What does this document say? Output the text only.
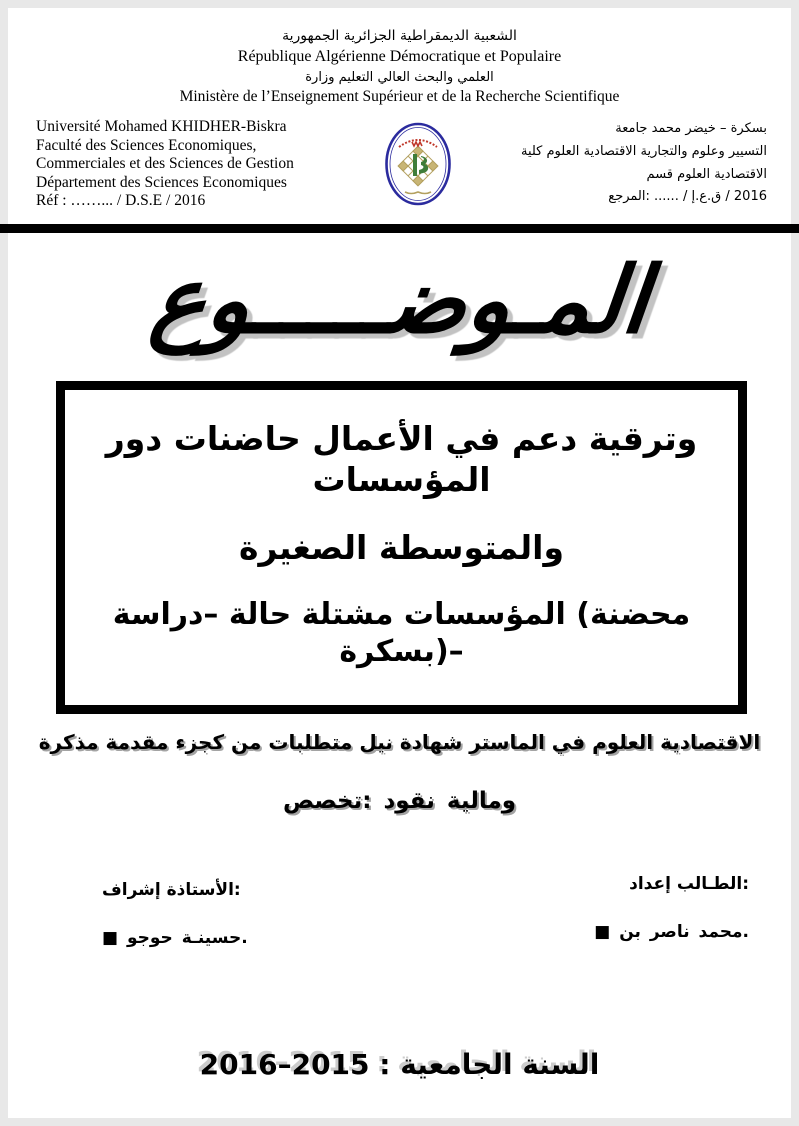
الجمهورية الجزائرية الديمقراطية الشعبية
République Algérienne Démocratique et Populaire
وزارة التعليم العالي والبحث العلمي
Ministère de l’Enseignement Supérieur et de la Recherche Scientifique
Université Mohamed KHIDHER-Biskra
Faculté des Sciences Economiques,
Commerciales et des Sciences de Gestion
Département des Sciences Economiques
Réf : ……... / D.S.E / 2016
جامعة محمد خيضر – بسكرة
كلية العلوم الاقتصادية والتجارية وعلوم التسيير
قسم العلوم الاقتصادية
المرجع: ...... / ق.ع.إ / 2016
المـوضـــــوع
دور حاضنات الأعمال في دعم وترقية المؤسسات
الصغيرة والمتوسطة
–دراسة حالة مشتلة المؤسسات (محضنة بسكرة)–
مذكرة مقدمة كجزء من متطلبات نيل شهادة الماستر في العلوم الاقتصادية
تخصص: نقود ومالية
إشراف الأستاذة:
■ حوجو حسينـة.
إعداد الطـالب:
■ بن ناصر محمد.
السنة الجامعية : 2015–2016
